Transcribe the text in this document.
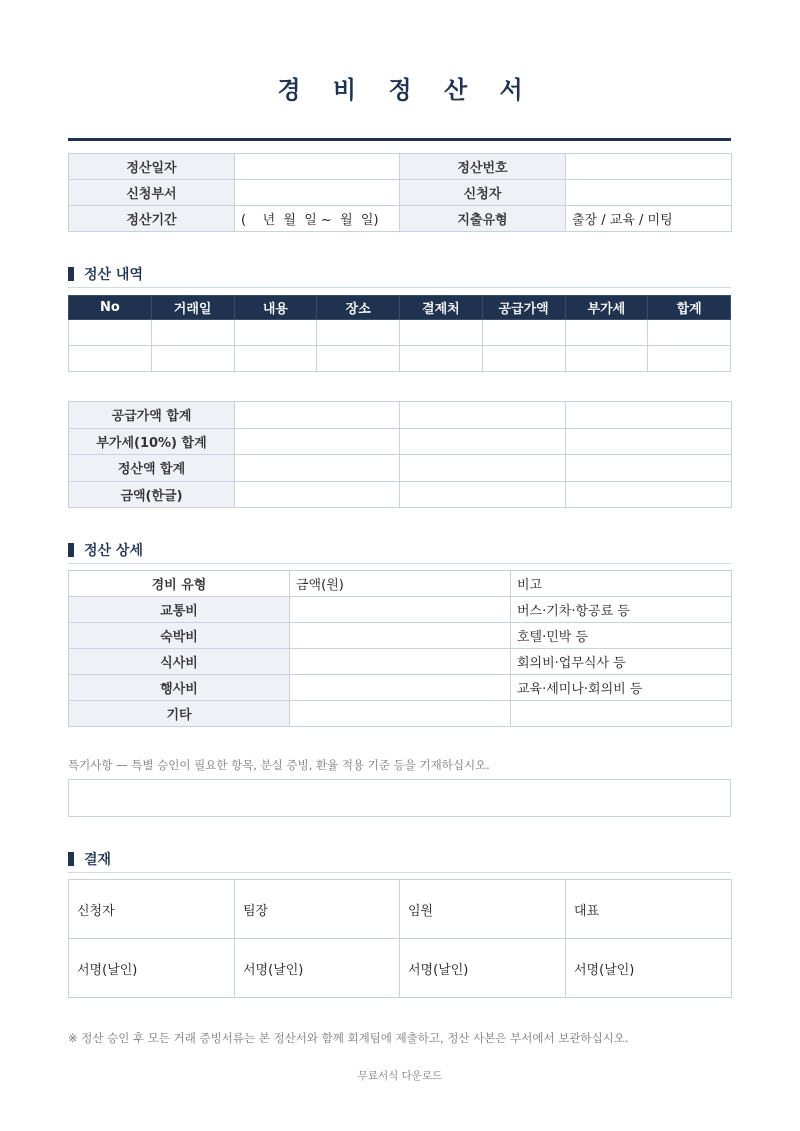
경 비 정 산 서
정산일자		정산번호	
신청부서		신청자	
정산기간	(    년  월  일 ~  월  일)	지출유형	출장 / 교육 / 미팅
정산 내역
No	거래일	내용	장소	결제처	공급가액	부가세	합계

공급가액 합계			
부가세(10%) 합계			
정산액 합계			
금액(한글)			
정산 상세
경비 유형	금액(원)	비고
교통비		버스·기차·항공료 등
숙박비		호텔·민박 등
식사비		회의비·업무식사 등
행사비		교육·세미나·회의비 등
기타		
특기사항 — 특별 승인이 필요한 항목, 분실 증빙, 환율 적용 기준 등을 기재하십시오.
결재
신청자	팀장	임원	대표
서명(날인)	서명(날인)	서명(날인)	서명(날인)
※ 정산 승인 후 모든 거래 증빙서류는 본 정산서와 함께 회계팀에 제출하고, 정산 사본은 부서에서 보관하십시오.
무료서식 다운로드
